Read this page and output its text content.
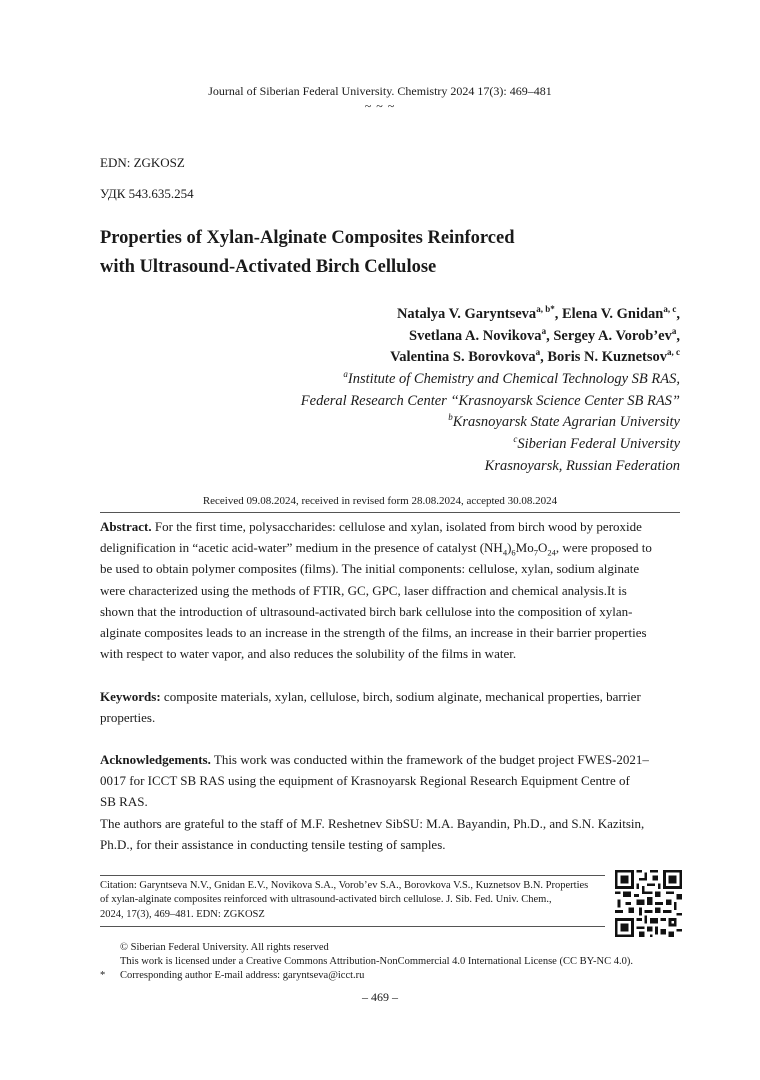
Journal of Siberian Federal University. Chemistry 2024 17(3): 469–481
~ ~ ~
EDN: ZGKOSZ
УДК 543.635.254
Properties of Xylan-Alginate Composites Reinforced
with Ultrasound-Activated Birch Cellulose
Natalya V. Garyntseva$^{a, b*}$, Elena V. Gnidan$^{a, c}$,
Svetlana A. Novikova$^a$, Sergey A. $Vorob’ev^a$,
Valentina S. Borovkova$^a$, Boris N. Kuznetsov$^{a, c}$
$^a$Institute of Chemistry and Chemical Technology SB RAS,
Federal Research Center ‘‘Krasnoyarsk Science Center SB RAS”
$^b$Krasnoyarsk State Agrarian University
$^c$Siberian Federal University
Krasnoyarsk, Russian Federation
Received 09.08.2024, received in revised form 28.08.2024, accepted 30.08.2024
Abstract. For the first time, polysaccharides: cellulose and xylan, isolated from birch wood by peroxide
delignification in “acetic acid-water” medium in the presence of catalyst $(NH_4)_6Mo_7O_{24}$, were proposed to
be used to obtain polymer composites (films). The initial components: cellulose, xylan, sodium alginate
were characterized using the methods of FTIR, GC, GPC, laser diffraction and chemical analysis.It is
shown that the introduction of ultrasound-activated birch bark cellulose into the composition of xylan-
alginate composites leads to an increase in the strength of the films, an increase in their barrier properties
with respect to water vapor, and also reduces the solubility of the films in water.
Keywords: composite materials, xylan, cellulose, birch, sodium alginate, mechanical properties, barrier
properties.
Acknowledgements. This work was conducted within the framework of the budget project FWES-2021–
0017 for ICCT SB RAS using the equipment of Krasnoyarsk Regional Research Equipment Centre of
SB RAS.
The authors are grateful to the staff of M.F. Reshetnev SibSU: M.A. Bayandin, Ph.D., and S.N. Kazitsin,
Ph.D., for their assistance in conducting tensile testing of samples.
Citation: Garyntseva N.V., Gnidan E.V., Novikova S.A., Vorob’ev S.A., Borovkova V.S., Kuznetsov B.N. Properties
of xylan-alginate composites reinforced with ultrasound-activated birch cellulose. J. Sib. Fed. Univ. Chem.,
2024, 17(3), 469–481. EDN: ZGKOSZ
© Siberian Federal University. All rights reserved
This work is licensed under a Creative Commons Attribution-NonCommercial 4.0 International License (CC BY-NC 4.0).
*	Corresponding author E-mail address: garyntseva@icct.ru
– 469 –
